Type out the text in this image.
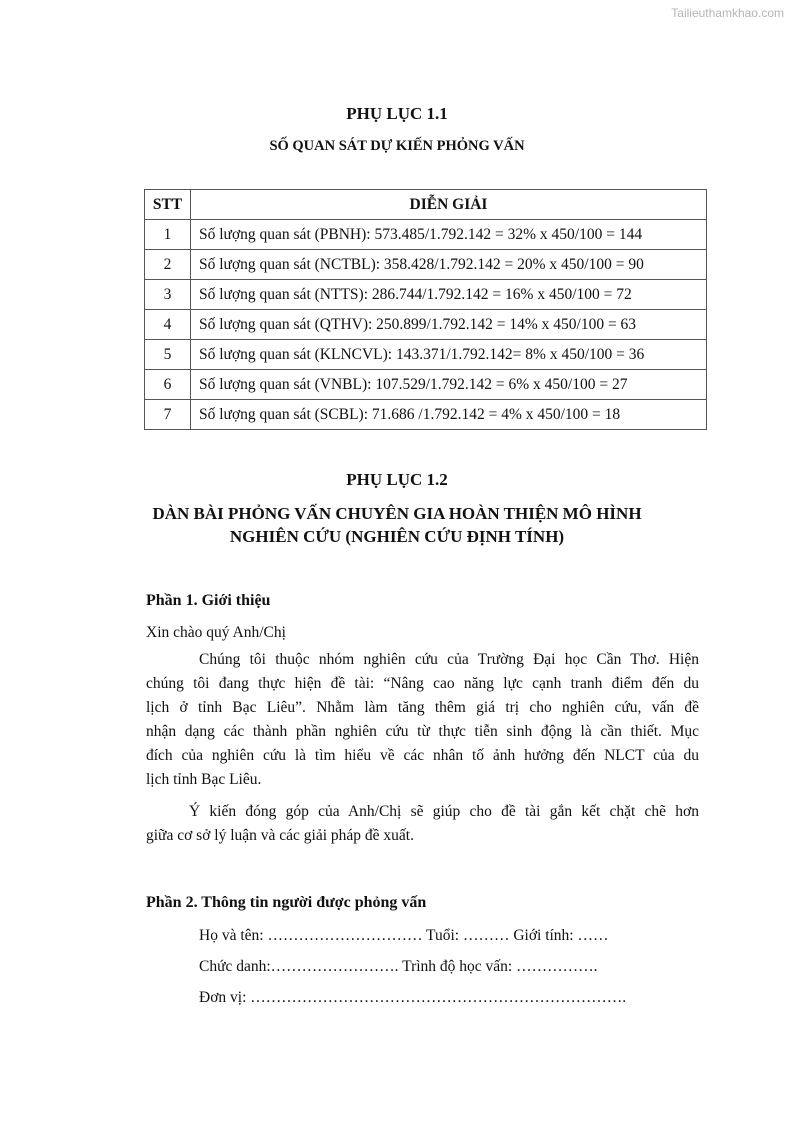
Tailieuthamkhao.com
PHỤ LỤC 1.1
SỐ QUAN SÁT DỰ KIẾN PHỎNG VẤN
STT	DIỄN GIẢI
1	Số lượng quan sát (PBNH): 573.485/1.792.142 = 32% x 450/100 = 144
2	Số lượng quan sát (NCTBL): 358.428/1.792.142 = 20% x 450/100 = 90
3	Số lượng quan sát (NTTS): 286.744/1.792.142 = 16% x 450/100 = 72
4	Số lượng quan sát (QTHV): 250.899/1.792.142 = 14% x 450/100 = 63
5	Số lượng quan sát (KLNCVL): 143.371/1.792.142= 8% x 450/100 = 36
6	Số lượng quan sát (VNBL): 107.529/1.792.142 = 6% x 450/100 = 27
7	Số lượng quan sát (SCBL): 71.686 /1.792.142 = 4% x 450/100 = 18
PHỤ LỤC 1.2
DÀN BÀI PHỎNG VẤN CHUYÊN GIA HOÀN THIỆN MÔ HÌNH
NGHIÊN CỨU (NGHIÊN CỨU ĐỊNH TÍNH)
Phần 1. Giới thiệu
Xin chào quý Anh/Chị
Chúng tôi thuộc nhóm nghiên cứu của Trường Đại học Cần Thơ. Hiện
chúng tôi đang thực hiện đề tài: “Nâng cao năng lực cạnh tranh điểm đến du
lịch ở tỉnh Bạc Liêu”. Nhằm làm tăng thêm giá trị cho nghiên cứu, vấn đề
nhận dạng các thành phần nghiên cứu từ thực tiễn sinh động là cần thiết. Mục
đích của nghiên cứu là tìm hiểu về các nhân tố ảnh hưởng đến NLCT của du
lịch tỉnh Bạc Liêu.
Ý kiến đóng góp của Anh/Chị sẽ giúp cho đề tài gắn kết chặt chẽ hơn
giữa cơ sở lý luận và các giải pháp đề xuất.
Phần 2. Thông tin người được phỏng vấn
Họ và tên: ………………………… Tuổi: ……… Giới tính: ……
Chức danh:……………………. Trình độ học vấn: …………….
Đơn vị: ……………………………………………………………….
